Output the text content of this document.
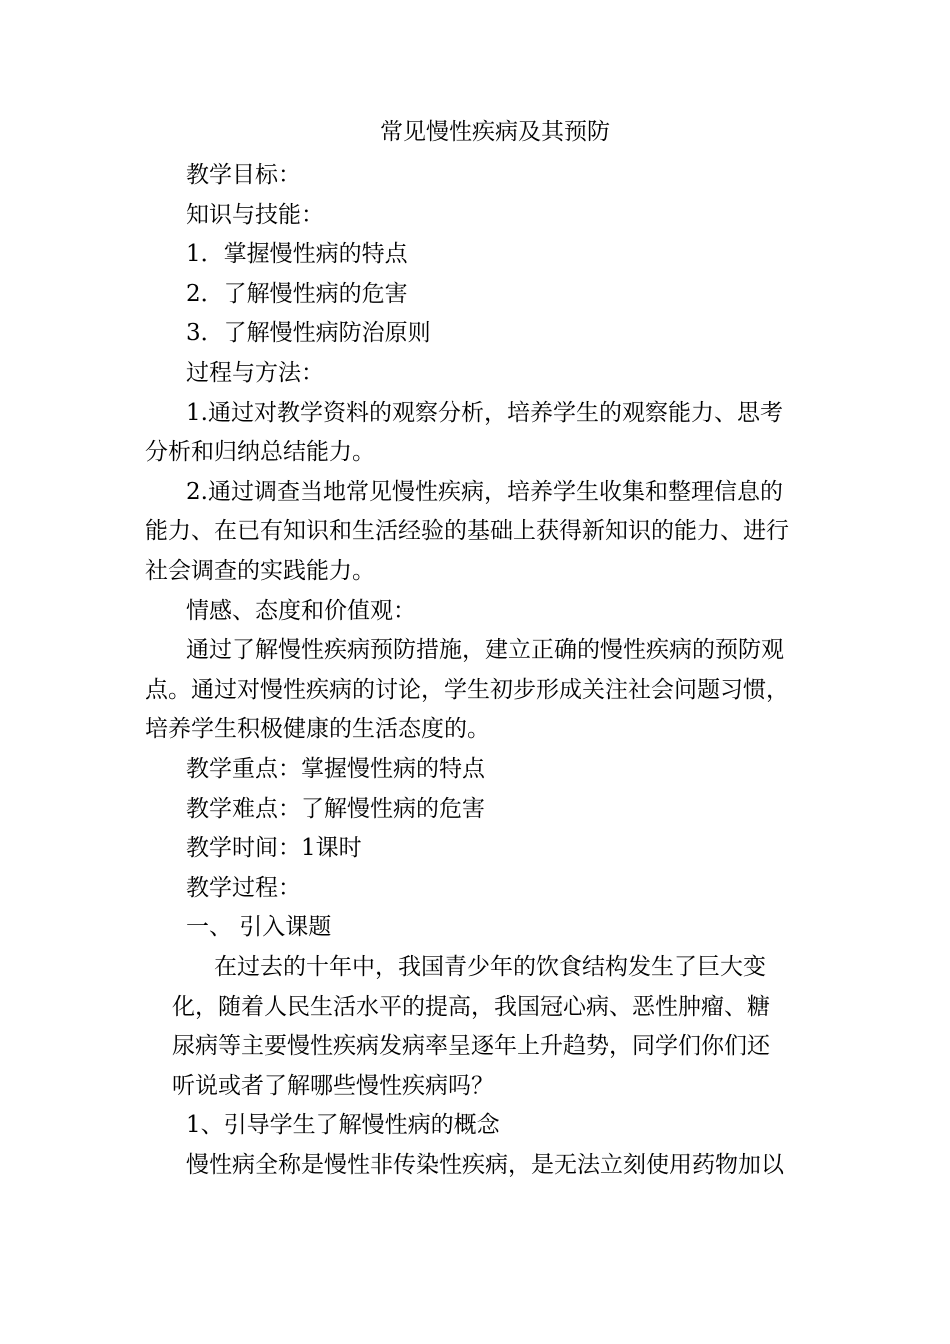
常见慢性疾病及其预防
教学目标：
知识与技能：
1．掌握慢性病的特点
2．了解慢性病的危害
3．了解慢性病防治原则
过程与方法：
1.通过对教学资料的观察分析，培养学生的观察能力、思考
分析和归纳总结能力。
2.通过调查当地常见慢性疾病，培养学生收集和整理信息的
能力、在已有知识和生活经验的基础上获得新知识的能力、进行
社会调查的实践能力。
情感、态度和价值观：
通过了解慢性疾病预防措施，建立正确的慢性疾病的预防观
点。通过对慢性疾病的讨论，学生初步形成关注社会问题习惯，
培养学生积极健康的生活态度的。
教学重点：掌握慢性病的特点
教学难点：了解慢性病的危害
教学时间：1课时
教学过程：
一、 引入课题
在过去的十年中，我国青少年的饮食结构发生了巨大变
化，随着人民生活水平的提高，我国冠心病、恶性肿瘤、糖
尿病等主要慢性疾病发病率呈逐年上升趋势，同学们你们还
听说或者了解哪些慢性疾病吗？
1、引导学生了解慢性病的概念
慢性病全称是慢性非传染性疾病，是无法立刻使用药物加以
